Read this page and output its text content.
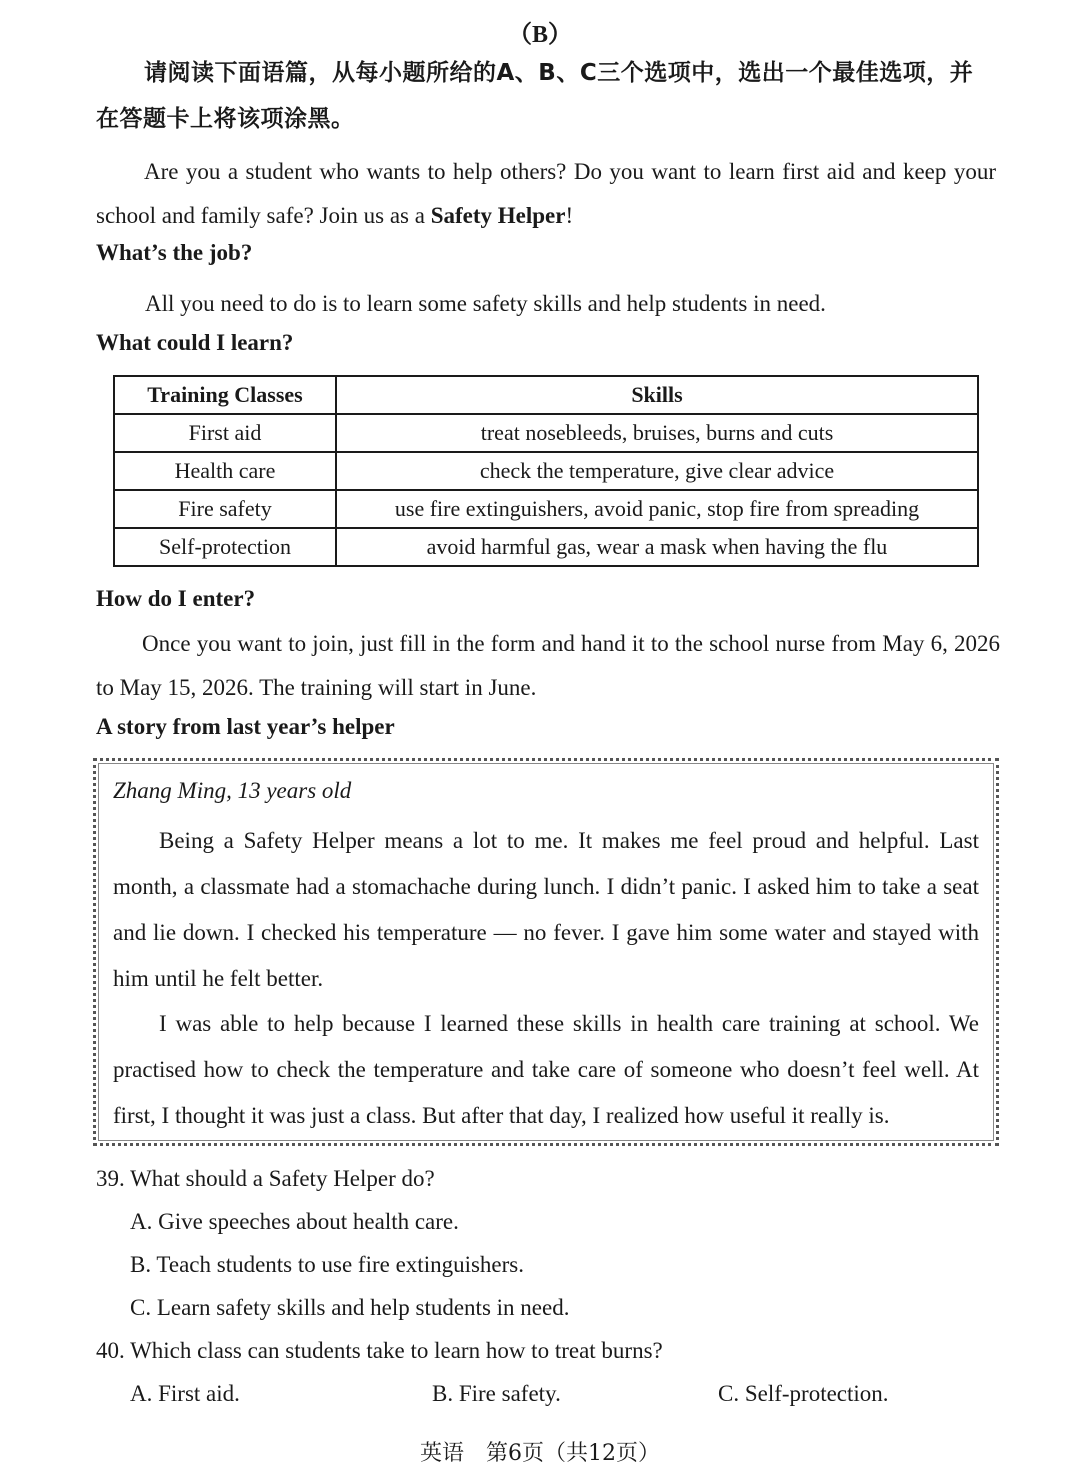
（B）
请阅读下面语篇，从每小题所给的A、B、C三个选项中，选出一个最佳选项，并在答题卡上将该项涂黑。
Are you a student who wants to help others? Do you want to learn first aid and keep your school and family safe? Join us as a Safety Helper!
What’s the job?
All you need to do is to learn some safety skills and help students in need.
What could I learn?
Training Classes	Skills
First aid	treat nosebleeds, bruises, burns and cuts
Health care	check the temperature, give clear advice
Fire safety	use fire extinguishers, avoid panic, stop fire from spreading
Self-protection	avoid harmful gas, wear a mask when having the flu
How do I enter?
Once you want to join, just fill in the form and hand it to the school nurse from May 6, 2026 to May 15, 2026. The training will start in June.
A story from last year’s helper
Zhang Ming, 13 years old
Being a Safety Helper means a lot to me. It makes me feel proud and helpful. Last month, a classmate had a stomachache during lunch. I didn’t panic. I asked him to take a seat and lie down. I checked his temperature — no fever. I gave him some water and stayed with him until he felt better.
I was able to help because I learned these skills in health care training at school. We practised how to check the temperature and take care of someone who doesn’t feel well. At first, I thought it was just a class. But after that day, I realized how useful it really is.
39. What should a Safety Helper do?
A. Give speeches about health care.
B. Teach students to use fire extinguishers.
C. Learn safety skills and help students in need.
40. Which class can students take to learn how to treat burns?
A. First aid.	B. Fire safety.	C. Self-protection.
英语　第6页（共12页）
